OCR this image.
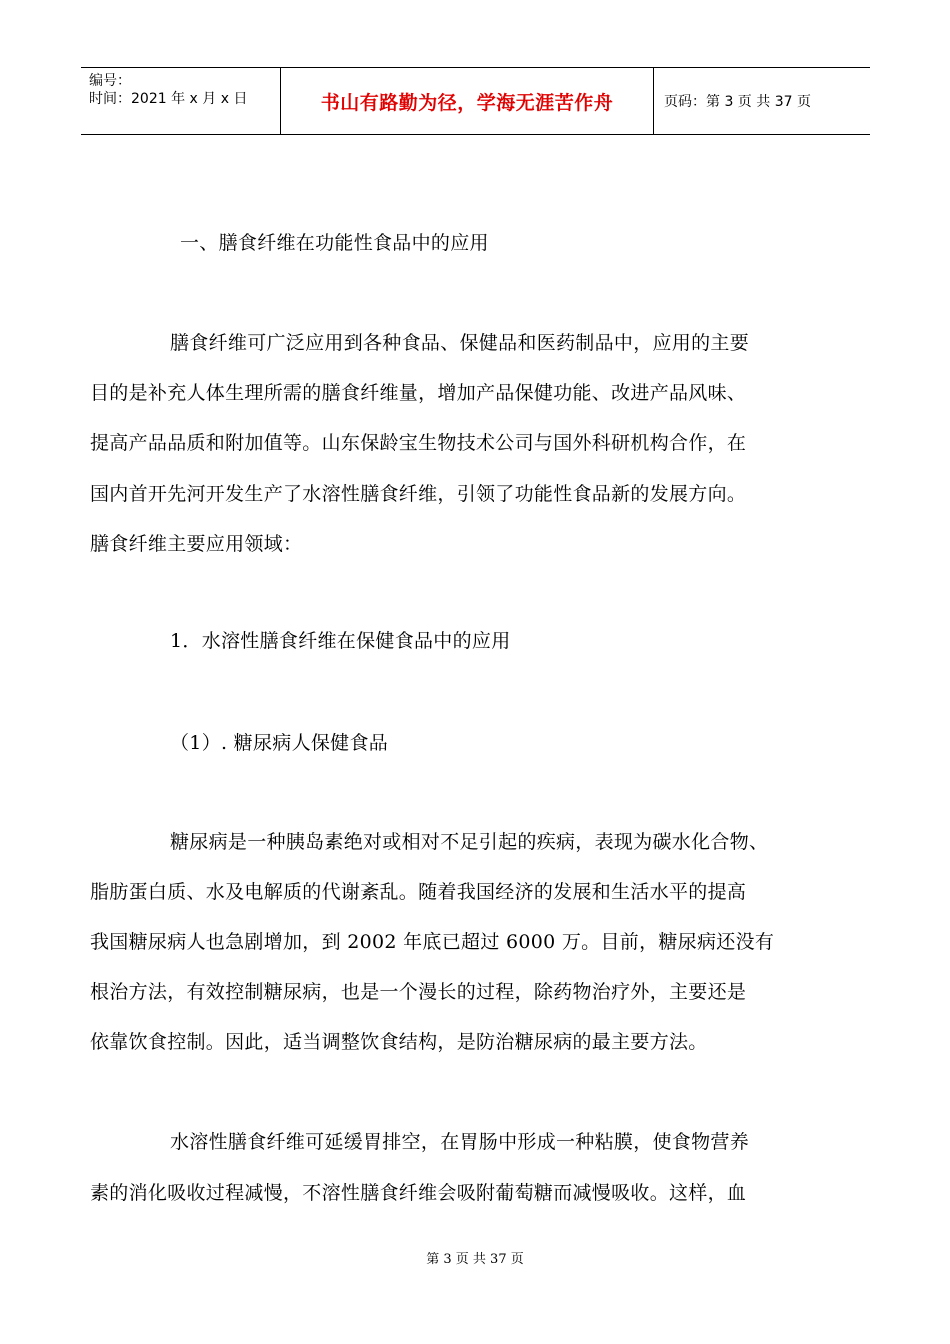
编号：
时间：2021 年 x 月 x 日	书山有路勤为径，学海无涯苦作舟	页码：第 3 页 共 37 页
一、膳食纤维在功能性食品中的应用
膳食纤维可广泛应用到各种食品、保健品和医药制品中，应用的主要
目的是补充人体生理所需的膳食纤维量，增加产品保健功能、改进产品风味、
提高产品品质和附加值等。山东保龄宝生物技术公司与国外科研机构合作，在
国内首开先河开发生产了水溶性膳食纤维，引领了功能性食品新的发展方向。
膳食纤维主要应用领域：
1．水溶性膳食纤维在保健食品中的应用
（1）. 糖尿病人保健食品
糖尿病是一种胰岛素绝对或相对不足引起的疾病，表现为碳水化合物、
脂肪蛋白质、水及电解质的代谢紊乱。随着我国经济的发展和生活水平的提高
我国糖尿病人也急剧增加，到 2002 年底已超过 6000 万。目前，糖尿病还没有
根治方法，有效控制糖尿病，也是一个漫长的过程，除药物治疗外，主要还是
依靠饮食控制。因此，适当调整饮食结构，是防治糖尿病的最主要方法。
水溶性膳食纤维可延缓胃排空，在胃肠中形成一种粘膜，使食物营养
素的消化吸收过程减慢，不溶性膳食纤维会吸附葡萄糖而减慢吸收。这样，血
第 3 页 共 37 页
